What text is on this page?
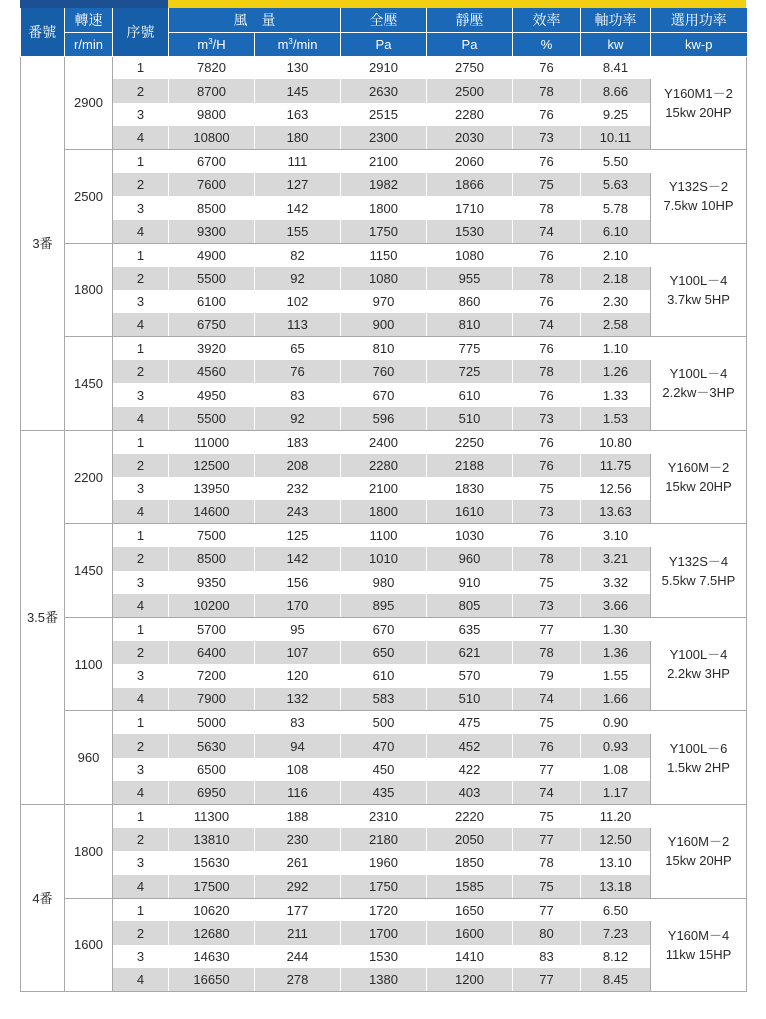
番號	轉速	序號	風　量		全壓	靜壓	效率	軸功率	選用功率
	r/min		$m^3/H$	$m^3/\min$	Pa	Pa	%	kw	kw-p
3番	2900	1	7820	130	2910	2750	76	8.41	Y160M1－2
15kw 20HP

		2	8700	145	2630	2500	78	8.66	
		3	9800	163	2515	2280	76	9.25	
		4	10800	180	2300	2030	73	10.11	
	2500	1	6700	111	2100	2060	76	5.50	Y132S－2
7.5kw 10HP

		2	7600	127	1982	1866	75	5.63	
		3	8500	142	1800	1710	78	5.78	
		4	9300	155	1750	1530	74	6.10	
	1800	1	4900	82	1150	1080	76	2.10	Y100L－4
3.7kw 5HP

		2	5500	92	1080	955	78	2.18	
		3	6100	102	970	860	76	2.30	
		4	6750	113	900	810	74	2.58	
	1450	1	3920	65	810	775	76	1.10	Y100L－4
2.2kw－3HP

		2	4560	76	760	725	78	1.26	
		3	4950	83	670	610	76	1.33	
		4	5500	92	596	510	73	1.53	
3.5番	2200	1	11000	183	2400	2250	76	10.80	Y160M－2
15kw 20HP

		2	12500	208	2280	2188	76	11.75	
		3	13950	232	2100	1830	75	12.56	
		4	14600	243	1800	1610	73	13.63	
	1450	1	7500	125	1100	1030	76	3.10	Y132S－4
5.5kw 7.5HP

		2	8500	142	1010	960	78	3.21	
		3	9350	156	980	910	75	3.32	
		4	10200	170	895	805	73	3.66	
	1100	1	5700	95	670	635	77	1.30	Y100L－4
2.2kw 3HP

		2	6400	107	650	621	78	1.36	
		3	7200	120	610	570	79	1.55	
		4	7900	132	583	510	74	1.66	
	960	1	5000	83	500	475	75	0.90	Y100L－6
1.5kw 2HP

		2	5630	94	470	452	76	0.93	
		3	6500	108	450	422	77	1.08	
		4	6950	116	435	403	74	1.17	
4番	1800	1	11300	188	2310	2220	75	11.20	Y160M－2
15kw 20HP

		2	13810	230	2180	2050	77	12.50	
		3	15630	261	1960	1850	78	13.10	
		4	17500	292	1750	1585	75	13.18	
	1600	1	10620	177	1720	1650	77	6.50	Y160M－4
11kw 15HP

		2	12680	211	1700	1600	80	7.23	
		3	14630	244	1530	1410	83	8.12	
		4	16650	278	1380	1200	77	8.45	
